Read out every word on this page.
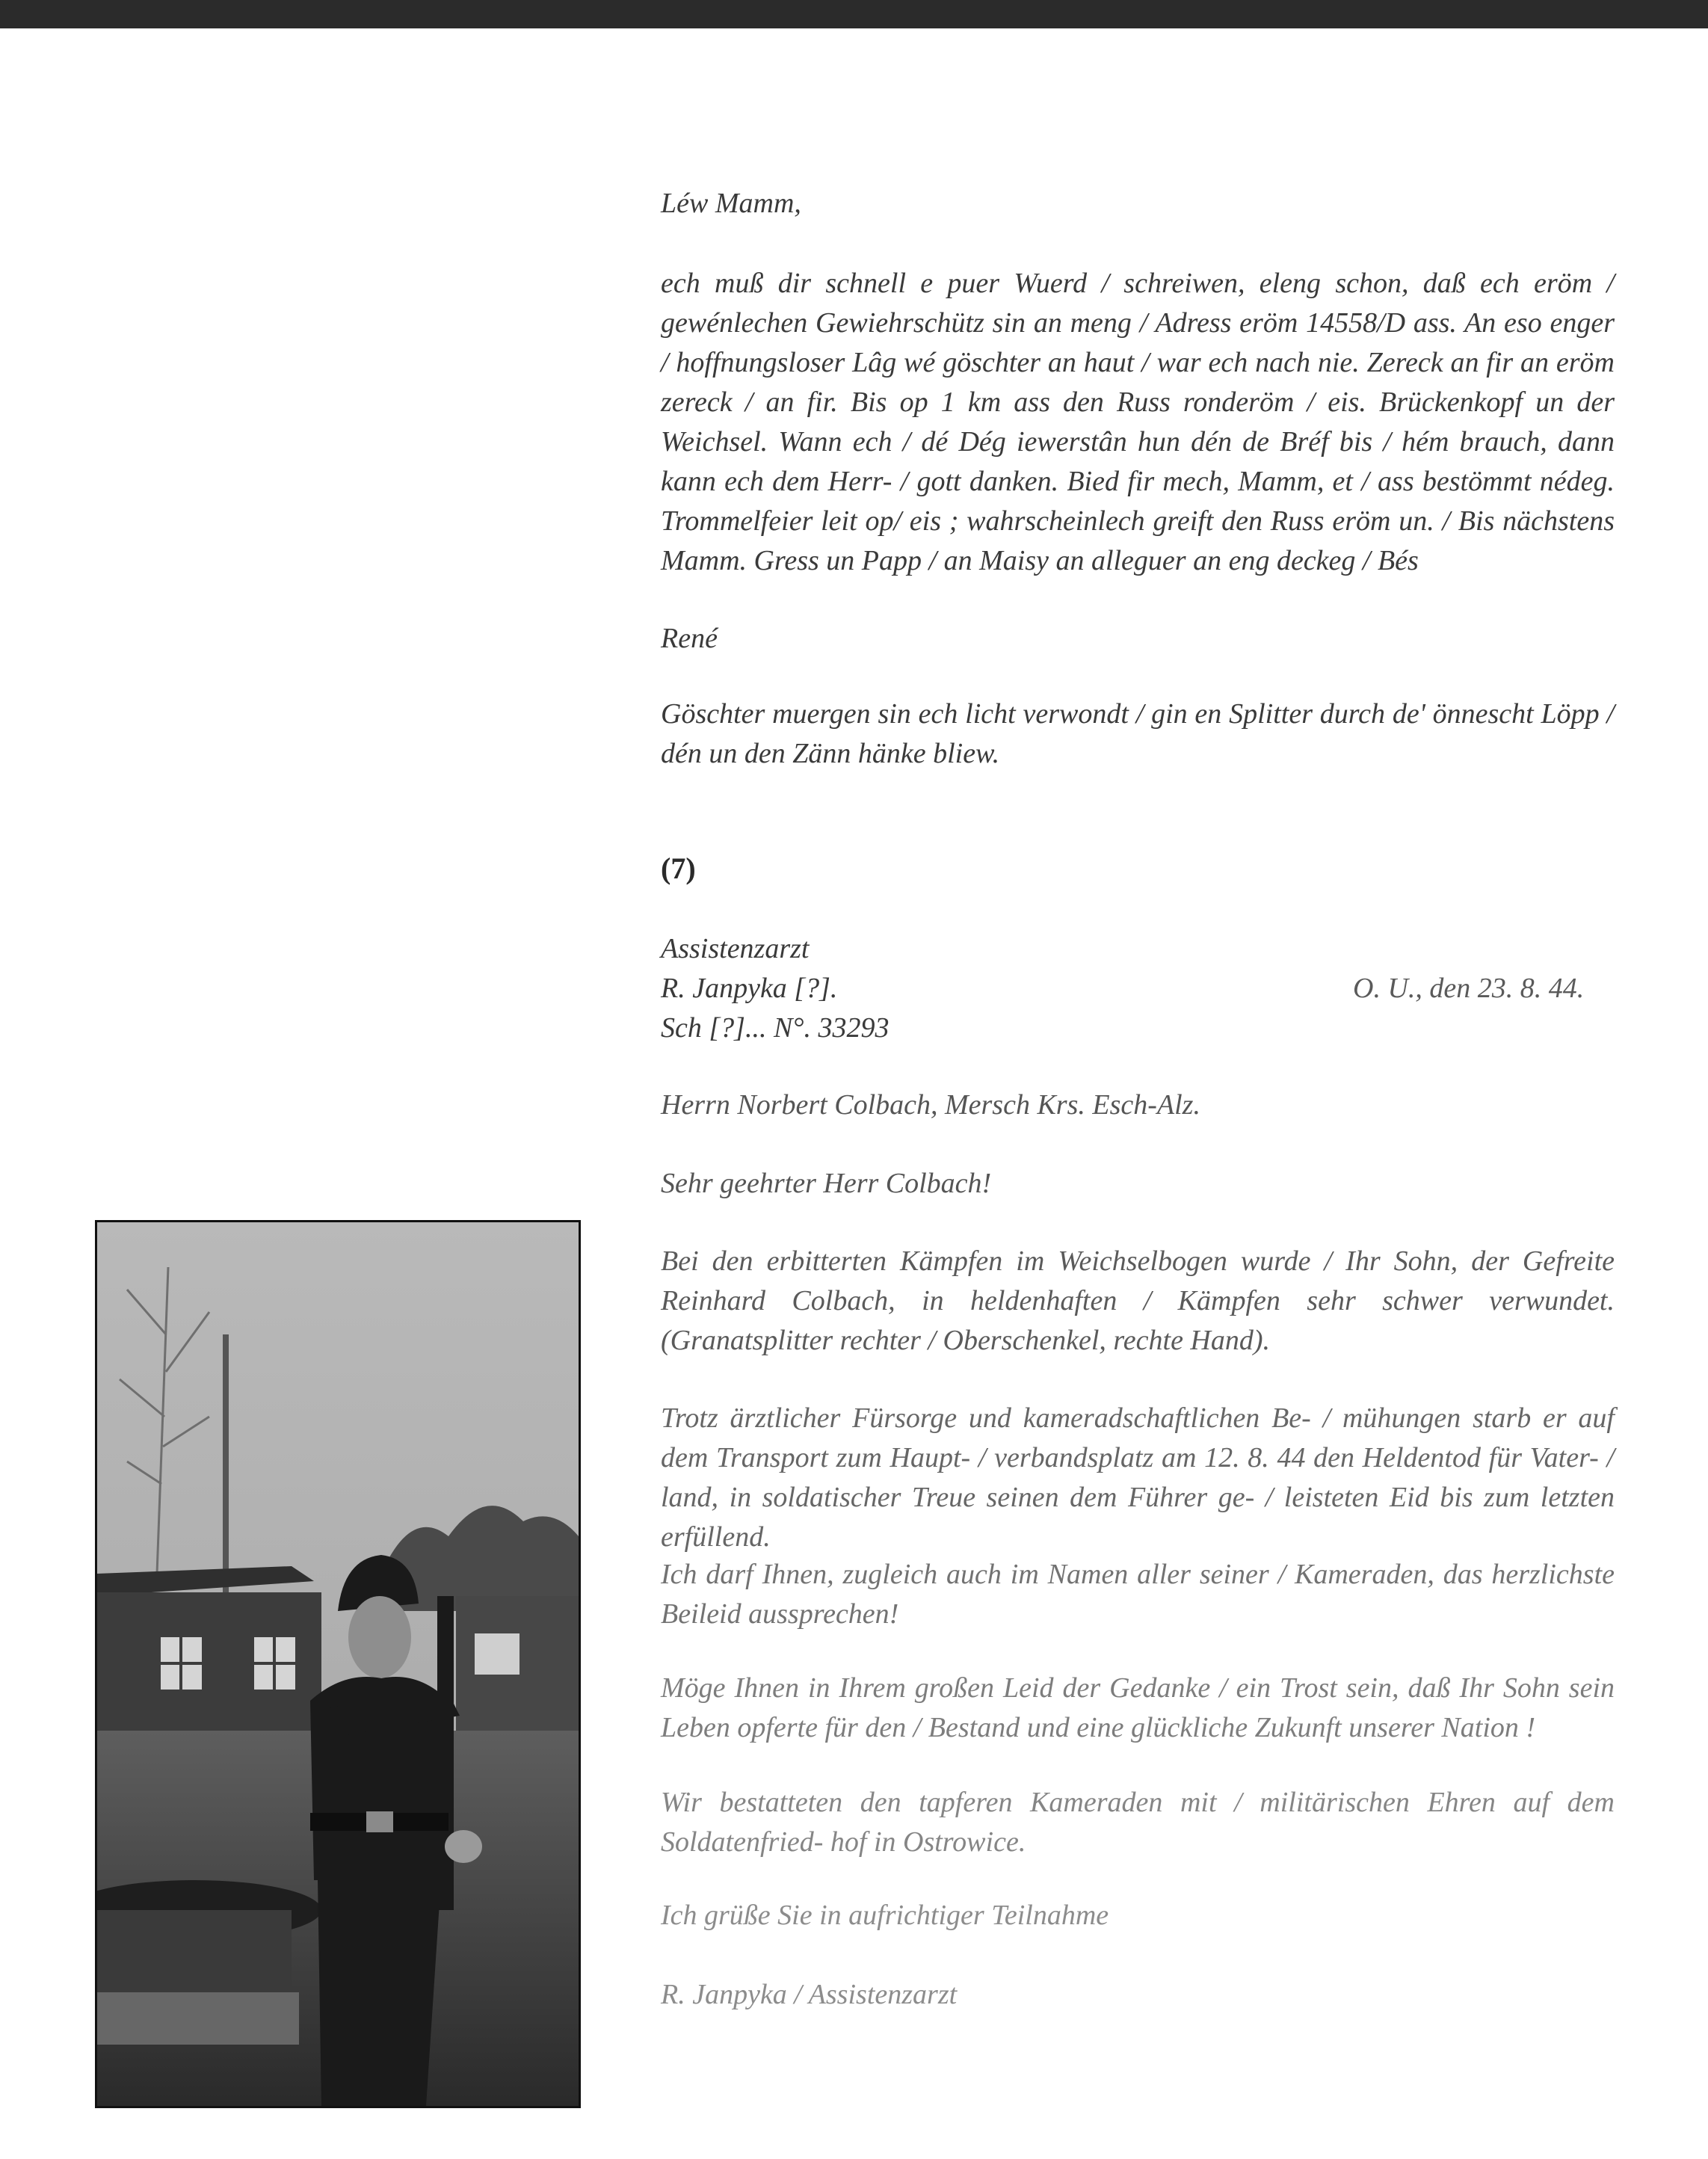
Léw Mamm,

ech muß dir schnell e puer Wuerd / schreiwen, eleng schon, daß ech eröm / gewénlechen Gewiehrschütz sin an meng / Adress eröm 14558/D ass. An eso enger / hoffnungsloser Lâg wé göschter an haut / war ech nach nie. Zereck an fir an eröm zereck / an fir. Bis op 1 km ass den Russ ronderöm / eis. Brückenkopf un der Weichsel. Wann ech / dé Dég iewerstân hun dén de Bréf bis / hém brauch, dann kann ech dem Herr- / gott danken. Bied fir mech, Mamm, et / ass bestömmt nédeg. Trommelfeier leit op/ eis ; wahrscheinlech greift den Russ eröm un. / Bis nächstens Mamm. Gress un Papp / an Maisy an alleguer an eng deckeg / Bés

René

Göschter muergen sin ech licht verwondt / gin en Splitter durch de' önnescht Löpp / dén un den Zänn hänke bliew.

(7)

Assistenzarzt
R. Janpyka [?].
Sch [?]... N°. 33293
O. U., den 23. 8. 44.

Herrn Norbert Colbach, Mersch Krs. Esch-Alz.

Sehr geehrter Herr Colbach!

Bei den erbitterten Kämpfen im Weichselbogen wurde / Ihr Sohn, der Gefreite Reinhard Colbach, in heldenhaften / Kämpfen sehr schwer verwundet. (Granatsplitter rechter / Oberschenkel, rechte Hand).

Trotz ärztlicher Fürsorge und kameradschaftlichen Be- / mühungen starb er auf dem Transport zum Haupt- / verbandsplatz am 12. 8. 44 den Heldentod für Vater- / land, in soldatischer Treue seinen dem Führer ge- / leisteten Eid bis zum letzten erfüllend.

Ich darf Ihnen, zugleich auch im Namen aller seiner / Kameraden, das herzlichste Beileid aussprechen!

Möge Ihnen in Ihrem großen Leid der Gedanke / ein Trost sein, daß Ihr Sohn sein Leben opferte für den / Bestand und eine glückliche Zukunft unserer Nation !

Wir bestatteten den tapferen Kameraden mit / militärischen Ehren auf dem Soldatenfried- hof in Ostrowice.

Ich grüße Sie in aufrichtiger Teilnahme

R. Janpyka / Assistenzarzt
